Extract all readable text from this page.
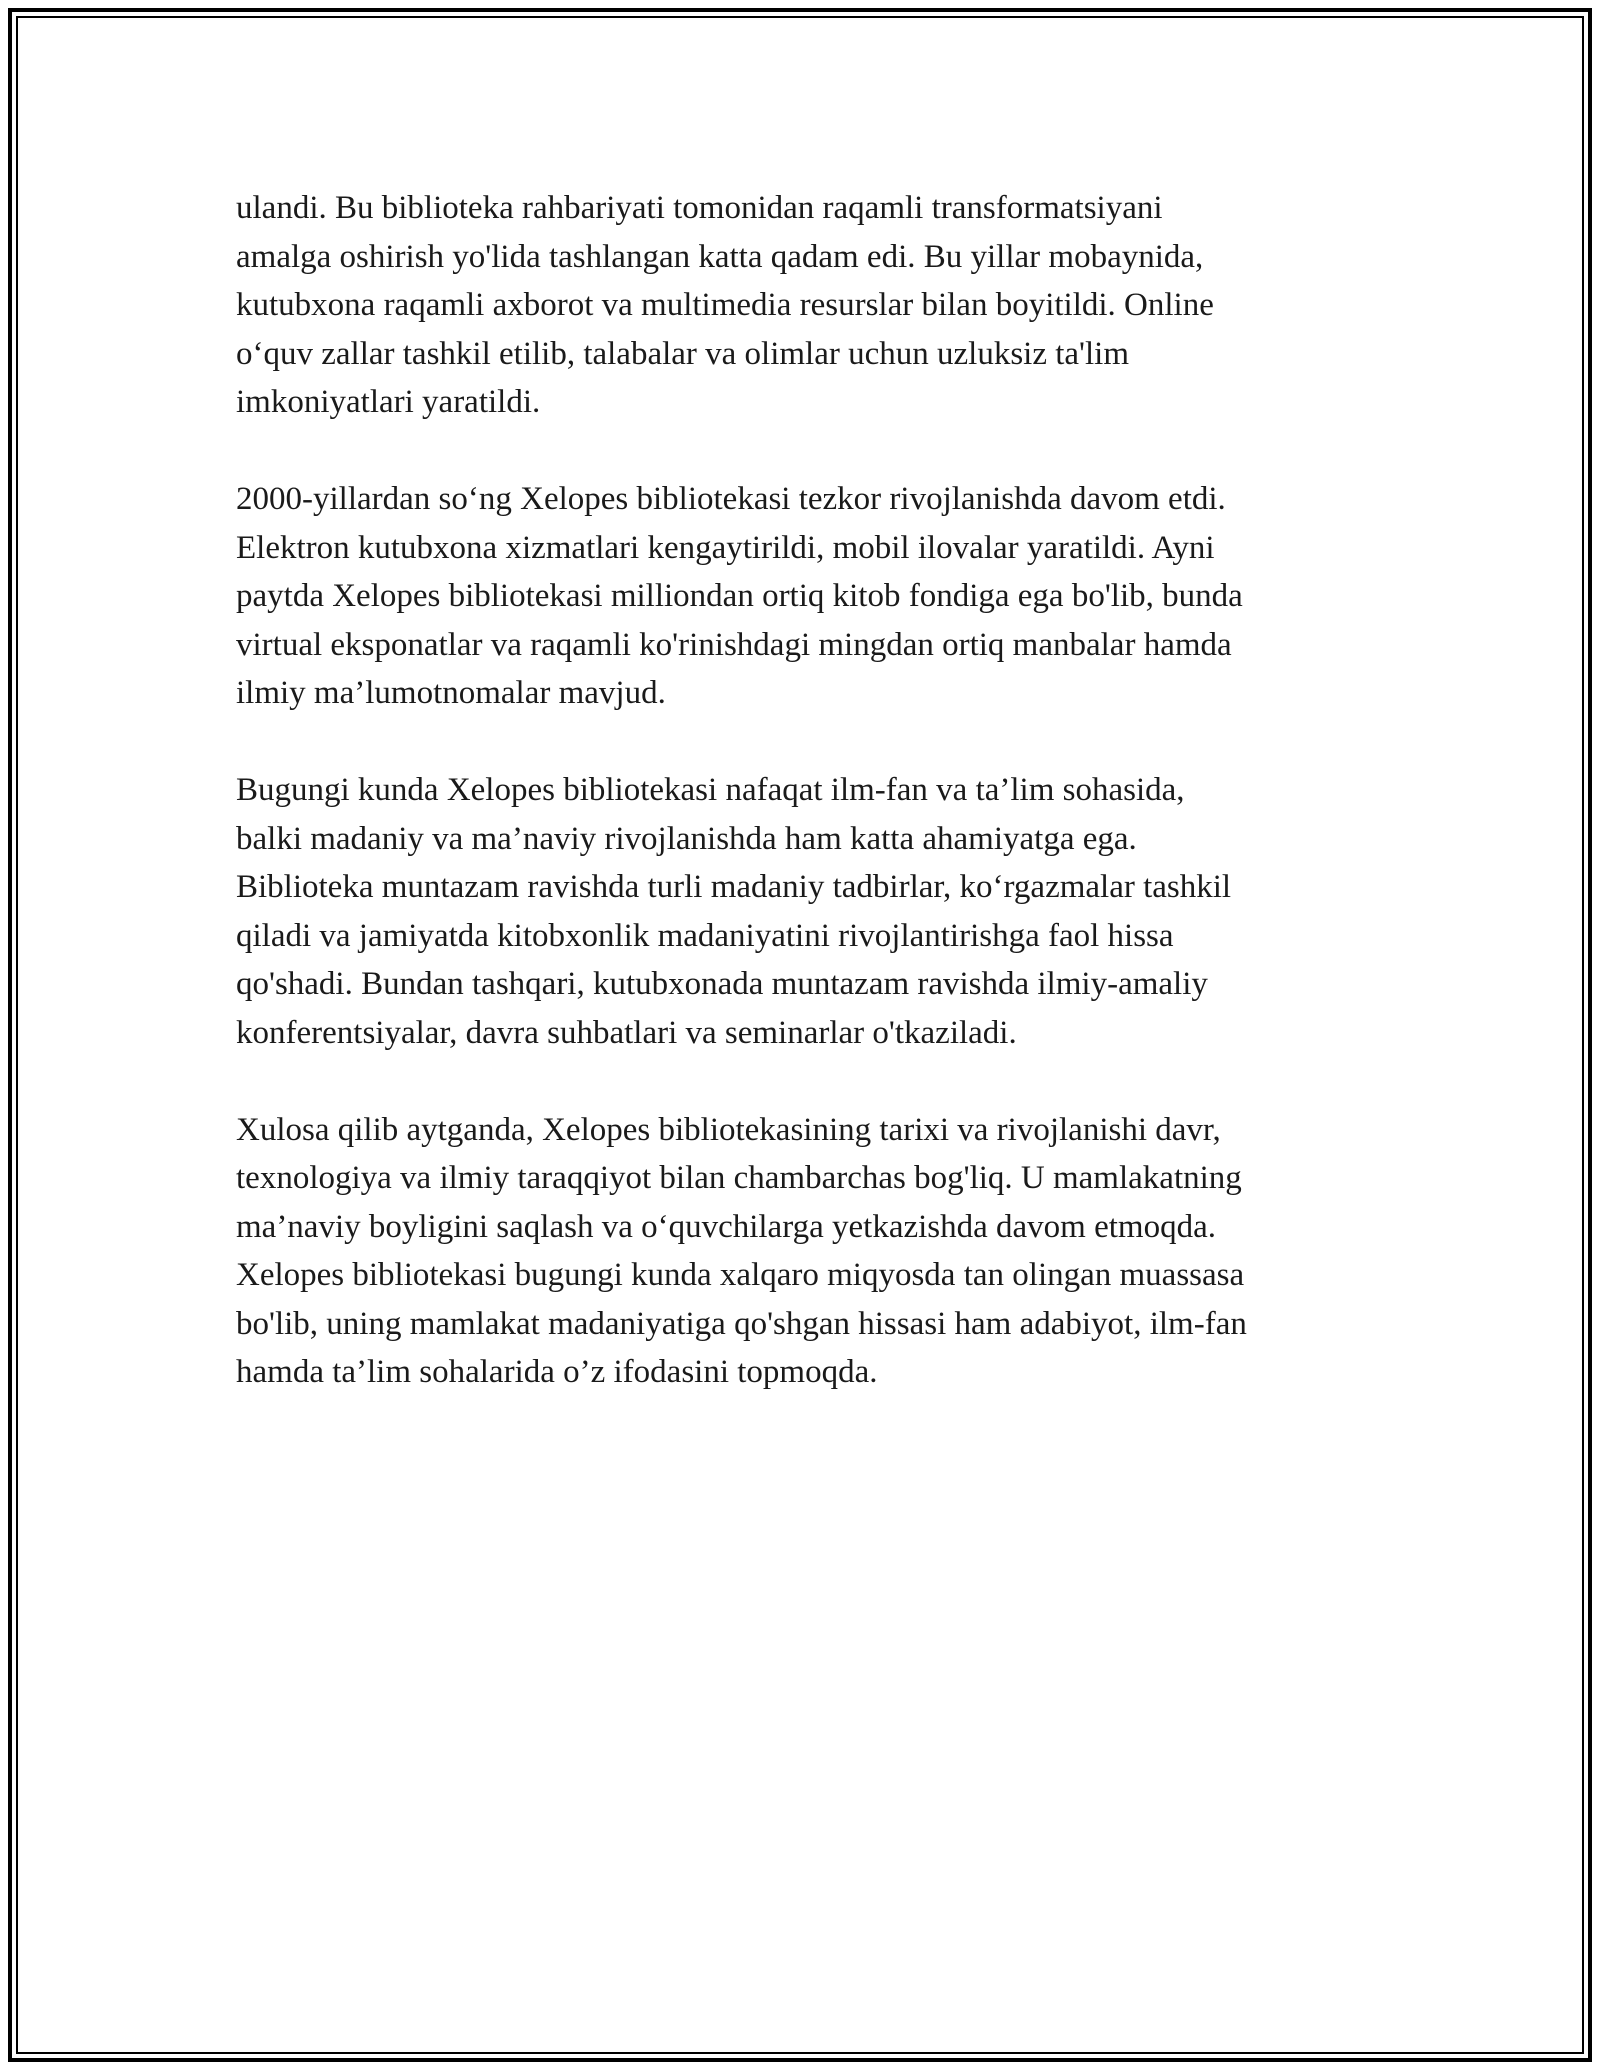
ulandi. Bu biblioteka rahbariyati tomonidan raqamli transformatsiyani
amalga oshirish yo'lida tashlangan katta qadam edi. Bu yillar mobaynida,
kutubxona raqamli axborot va multimedia resurslar bilan boyitildi. Online
o‘quv zallar tashkil etilib, talabalar va olimlar uchun uzluksiz ta'lim
imkoniyatlari yaratildi.

2000-yillardan so‘ng Xelopes bibliotekasi tezkor rivojlanishda davom etdi.
Elektron kutubxona xizmatlari kengaytirildi, mobil ilovalar yaratildi. Ayni
paytda Xelopes bibliotekasi milliondan ortiq kitob fondiga ega bo'lib, bunda
virtual eksponatlar va raqamli ko'rinishdagi mingdan ortiq manbalar hamda
ilmiy ma’lumotnomalar mavjud.

Bugungi kunda Xelopes bibliotekasi nafaqat ilm-fan va ta’lim sohasida,
balki madaniy va ma’naviy rivojlanishda ham katta ahamiyatga ega.
Biblioteka muntazam ravishda turli madaniy tadbirlar, ko‘rgazmalar tashkil
qiladi va jamiyatda kitobxonlik madaniyatini rivojlantirishga faol hissa
qo'shadi. Bundan tashqari, kutubxonada muntazam ravishda ilmiy-amaliy
konferentsiyalar, davra suhbatlari va seminarlar o'tkaziladi.

Xulosa qilib aytganda, Xelopes bibliotekasining tarixi va rivojlanishi davr,
texnologiya va ilmiy taraqqiyot bilan chambarchas bog'liq. U mamlakatning
ma’naviy boyligini saqlash va o‘quvchilarga yetkazishda davom etmoqda.
Xelopes bibliotekasi bugungi kunda xalqaro miqyosda tan olingan muassasa
bo'lib, uning mamlakat madaniyatiga qo'shgan hissasi ham adabiyot, ilm-fan
hamda ta’lim sohalarida o’z ifodasini topmoqda.
